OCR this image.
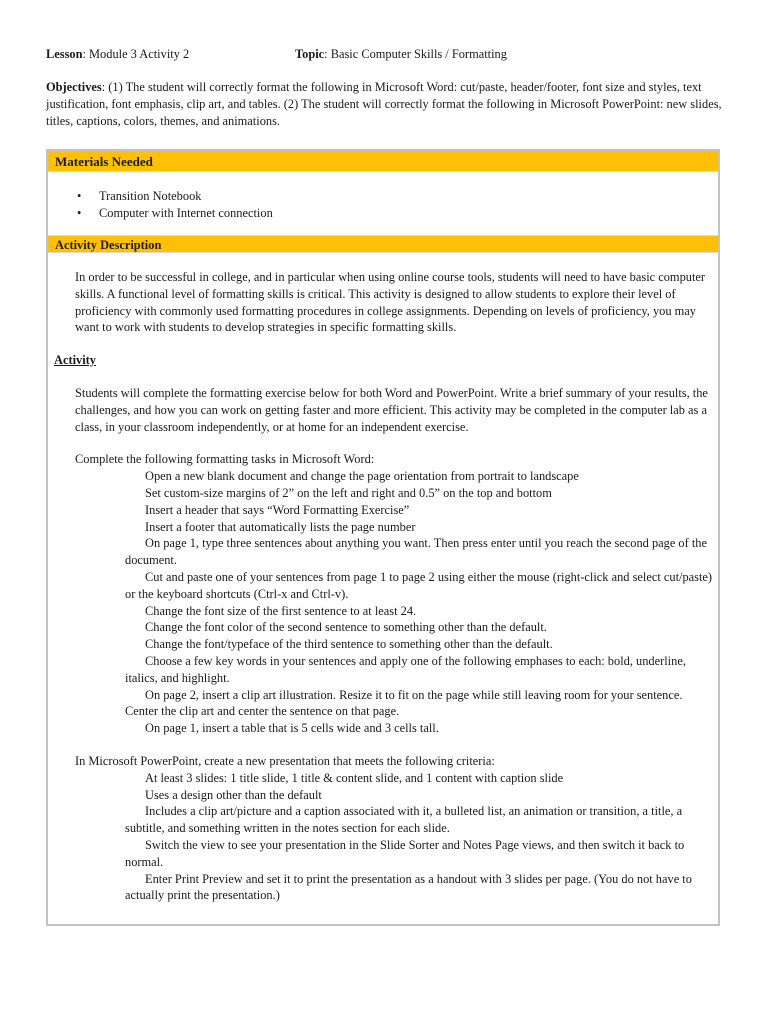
Lesson: Module 3 Activity 2	Topic: Basic Computer Skills / Formatting
Objectives: (1) The student will correctly format the following in Microsoft Word: cut/paste, header/footer, font size and styles, text justification, font emphasis, clip art, and tables. (2) The student will correctly format the following in Microsoft PowerPoint: new slides, titles, captions, colors, themes, and animations.
Materials Needed
• Transition Notebook
• Computer with Internet connection
Activity Description
In order to be successful in college, and in particular when using online course tools, students will need to have basic computer skills. A functional level of formatting skills is critical. This activity is designed to allow students to explore their level of proficiency with commonly used formatting procedures in college assignments. Depending on levels of proficiency, you may want to work with students to develop strategies in specific formatting skills.
Activity
Students will complete the formatting exercise below for both Word and PowerPoint. Write a brief summary of your results, the challenges, and how you can work on getting faster and more efficient. This activity may be completed in the computer lab as a class, in your classroom independently, or at home for an independent exercise.
Complete the following formatting tasks in Microsoft Word:
Open a new blank document and change the page orientation from portrait to landscape
Set custom-size margins of 2” on the left and right and 0.5” on the top and bottom
Insert a header that says “Word Formatting Exercise”
Insert a footer that automatically lists the page number
On page 1, type three sentences about anything you want. Then press enter until you reach the second page of the document.
Cut and paste one of your sentences from page 1 to page 2 using either the mouse (right-click and select cut/paste) or the keyboard shortcuts (Ctrl-x and Ctrl-v).
Change the font size of the first sentence to at least 24.
Change the font color of the second sentence to something other than the default.
Change the font/typeface of the third sentence to something other than the default.
Choose a few key words in your sentences and apply one of the following emphases to each: bold, underline, italics, and highlight.
On page 2, insert a clip art illustration. Resize it to fit on the page while still leaving room for your sentence. Center the clip art and center the sentence on that page.
On page 1, insert a table that is 5 cells wide and 3 cells tall.
In Microsoft PowerPoint, create a new presentation that meets the following criteria:
At least 3 slides: 1 title slide, 1 title & content slide, and 1 content with caption slide
Uses a design other than the default
Includes a clip art/picture and a caption associated with it, a bulleted list, an animation or transition, a title, a subtitle, and something written in the notes section for each slide.
Switch the view to see your presentation in the Slide Sorter and Notes Page views, and then switch it back to normal.
Enter Print Preview and set it to print the presentation as a handout with 3 slides per page. (You do not have to actually print the presentation.)
